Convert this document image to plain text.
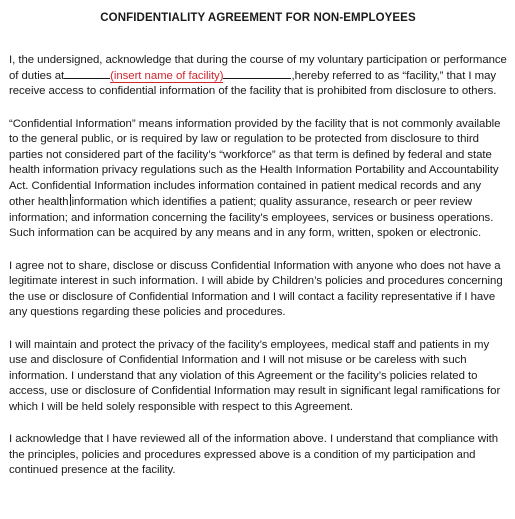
CONFIDENTIALITY AGREEMENT FOR NON-EMPLOYEES
I, the undersigned, acknowledge that during the course of my voluntary participation or performance of duties at	(insert name of facility)	,hereby referred to as “facility,” that I may receive access to confidential information of the facility that is prohibited from disclosure to others.
“Confidential Information” means information provided by the facility that is not commonly available to the general public, or is required by law or regulation to be protected from disclosure to third parties not considered part of the facility’s “workforce” as that term is defined by federal and state health information privacy regulations such as the Health Information Portability and Accountability Act. Confidential Information includes information contained in patient medical records and any other health information which identifies a patient; quality assurance, research or peer review information; and information concerning the facility’s employees, services or business operations. Such information can be acquired by any means and in any form, written, spoken or electronic.
I agree not to share, disclose or discuss Confidential Information with anyone who does not have a legitimate interest in such information. I will abide by Children’s policies and procedures concerning the use or disclosure of Confidential Information and I will contact a facility representative if I have any questions regarding these policies and procedures.
I will maintain and protect the privacy of the facility’s employees, medical staff and patients in my use and disclosure of Confidential Information and I will not misuse or be careless with such information. I understand that any violation of this Agreement or the facility’s policies related to access, use or disclosure of Confidential Information may result in significant legal ramifications for which I will be held solely responsible with respect to this Agreement.
I acknowledge that I have reviewed all of the information above. I understand that compliance with the principles, policies and procedures expressed above is a condition of my participation and continued presence at the facility.
